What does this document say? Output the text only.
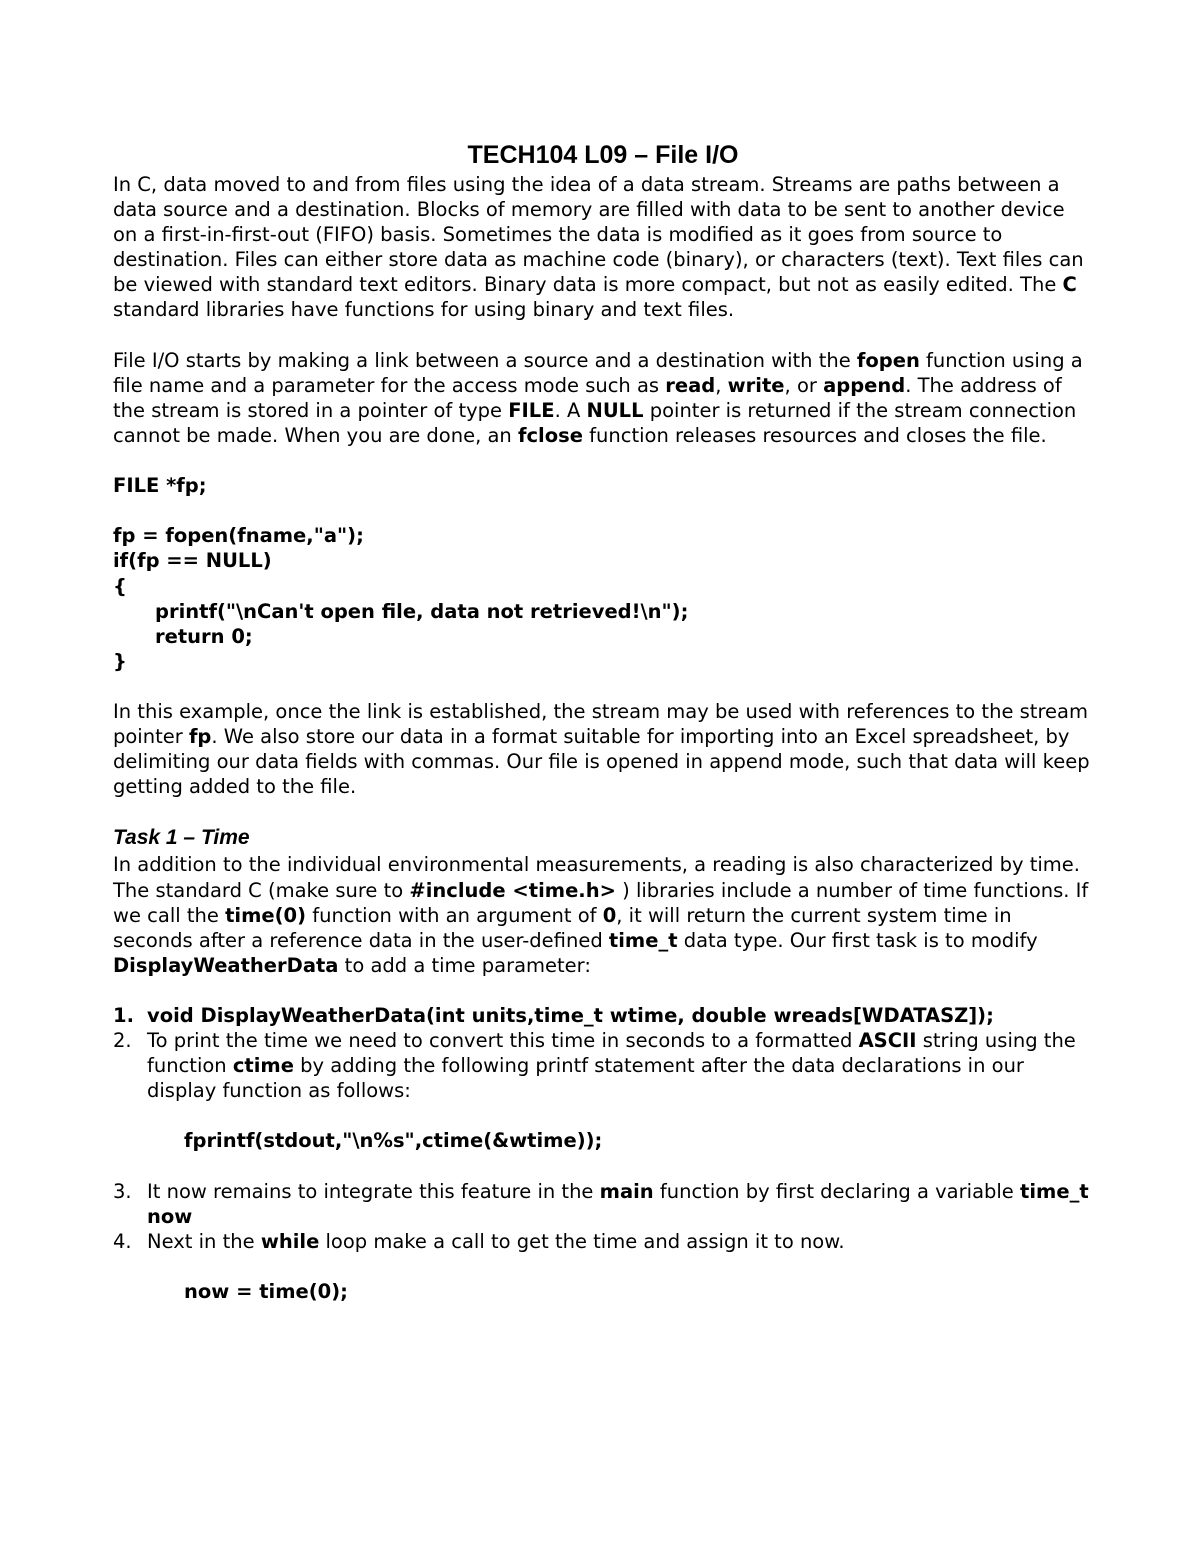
TECH104 L09 – File I/O

In C, data moved to and from files using the idea of a data stream. Streams are paths between a data source and a destination. Blocks of memory are filled with data to be sent to another device on a first-in-first-out (FIFO) basis. Sometimes the data is modified as it goes from source to destination. Files can either store data as machine code (binary), or characters (text). Text files can be viewed with standard text editors. Binary data is more compact, but not as easily edited. The C standard libraries have functions for using binary and text files.

File I/O starts by making a link between a source and a destination with the fopen function using a file name and a parameter for the access mode such as read, write, or append. The address of the stream is stored in a pointer of type FILE. A NULL pointer is returned if the stream connection cannot be made. When you are done, an fclose function releases resources and closes the file.

FILE *fp;
fp = fopen(fname,"a");
if(fp == NULL)
{
printf("\nCan't open file, data not retrieved!\n");
return 0;
}

In this example, once the link is established, the stream may be used with references to the stream pointer fp. We also store our data in a format suitable for importing into an Excel spreadsheet, by delimiting our data fields with commas. Our file is opened in append mode, such that data will keep getting added to the file.

Task 1 – Time

In addition to the individual environmental measurements, a reading is also characterized by time. The standard C (make sure to #include <time.h> ) libraries include a number of time functions. If we call the time(0) function with an argument of 0, it will return the current system time in seconds after a reference data in the user-defined time_t data type. Our first task is to modify DisplayWeatherData to add a time parameter:

1. void DisplayWeatherData(int units,time_t wtime, double wreads[WDATASZ]);
2. To print the time we need to convert this time in seconds to a formatted ASCII string using the function ctime by adding the following printf statement after the data declarations in our display function as follows:
fprintf(stdout,"\n%s",ctime(&wtime));
3. It now remains to integrate this feature in the main function by first declaring a variable time_t now
4. Next in the while loop make a call to get the time and assign it to now.
now = time(0);
